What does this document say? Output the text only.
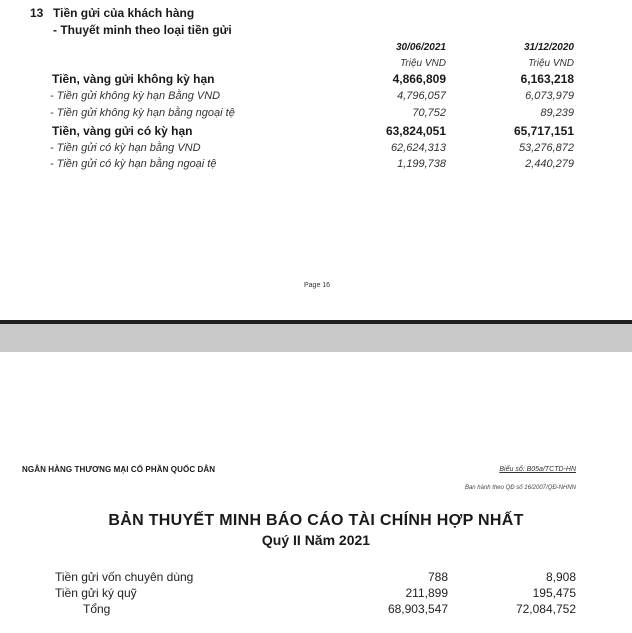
13 Tiền gửi của khách hàng
- Thuyết minh theo loại tiền gửi
30/06/2021	31/12/2020
Triệu VND	Triệu VND
Tiền, vàng gửi không kỳ hạn	4,866,809	6,163,218
- Tiền gửi không kỳ hạn Bằng VND	4,796,057	6,073,979
- Tiền gửi không kỳ hạn bằng ngoại tệ	70,752	89,239
Tiền, vàng gửi có kỳ hạn	63,824,051	65,717,151
- Tiền gửi có kỳ hạn bằng VND	62,624,313	53,276,872
- Tiền gửi có kỳ hạn bằng ngoại tệ	1,199,738	2,440,279
Page 16
NGÂN HÀNG THƯƠNG MẠI CỔ PHẦN QUỐC DÂN	Biểu số: B05a/TCTD-HN
Ban hành theo QĐ số 16/2007/QĐ-NHNN
BẢN THUYẾT MINH BÁO CÁO TÀI CHÍNH HỢP NHẤT
Quý II Năm 2021
Tiền gửi vốn chuyên dùng	788	8,908
Tiền gửi ký quỹ	211,899	195,475
Tổng	68,903,547	72,084,752
